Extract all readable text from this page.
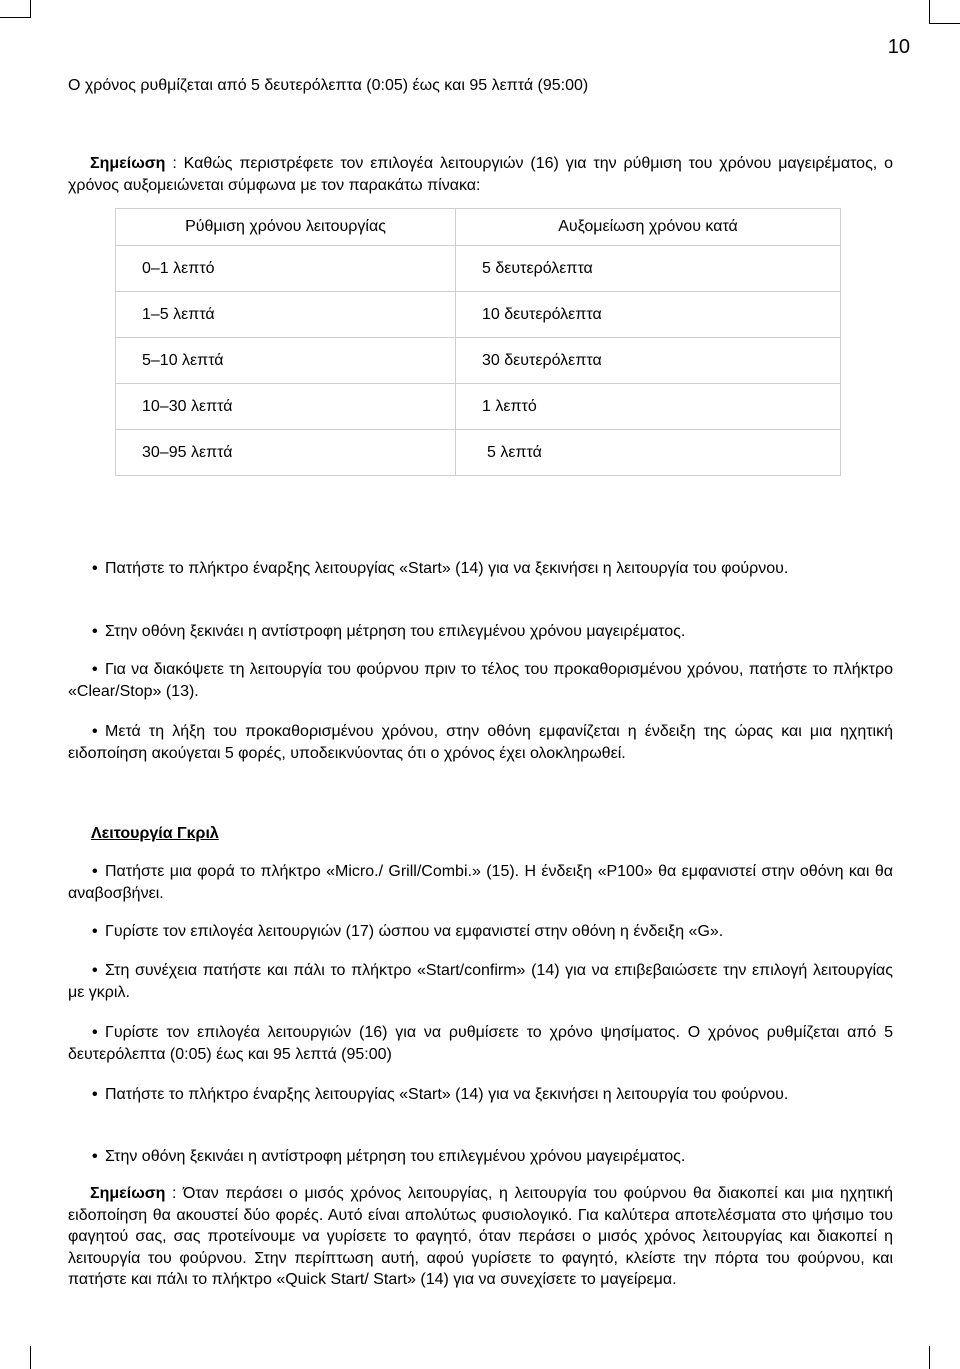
10
Ο χρόνος ρυθμίζεται από 5 δευτερόλεπτα (0:05) έως και 95 λεπτά (95:00)
Σημείωση : Καθώς περιστρέφετε τον επιλογέα λειτουργιών (16) για την ρύθμιση του χρόνου μαγειρέματος, ο χρόνος αυξομειώνεται σύμφωνα με τον παρακάτω πίνακα:
Ρύθμιση χρόνου λειτουργίας	Αυξομείωση χρόνου κατά
0–1 λεπτό	5 δευτερόλεπτα
1–5 λεπτά	10 δευτερόλεπτα
5–10 λεπτά	30 δευτερόλεπτα
10–30 λεπτά	1 λεπτό
30–95 λεπτά	5 λεπτά
• Πατήστε το πλήκτρο έναρξης λειτουργίας «Start» (14) για να ξεκινήσει η λειτουργία του φούρνου.
• Στην οθόνη ξεκινάει η αντίστροφη μέτρηση του επιλεγμένου χρόνου μαγειρέματος.
• Για να διακόψετε τη λειτουργία του φούρνου πριν το τέλος του προκαθορισμένου χρόνου, πατήστε το πλήκτρο «Clear/Stop» (13).
• Μετά τη λήξη του προκαθορισμένου χρόνου, στην οθόνη εμφανίζεται η ένδειξη της ώρας και μια ηχητική ειδοποίηση ακούγεται 5 φορές, υποδεικνύοντας ότι ο χρόνος έχει ολοκληρωθεί.
Λειτουργία Γκριλ
• Πατήστε μια φορά το πλήκτρο «Micro./ Grill/Combi.» (15). Η ένδειξη «P100» θα εμφανιστεί στην οθόνη και θα αναβοσβήνει.
• Γυρίστε τον επιλογέα λειτουργιών (17) ώσπου να εμφανιστεί στην οθόνη η ένδειξη «G».
• Στη συνέχεια πατήστε και πάλι το πλήκτρο «Start/confirm» (14) για να επιβεβαιώσετε την επιλογή λειτουργίας με γκριλ.
• Γυρίστε τον επιλογέα λειτουργιών (16) για να ρυθμίσετε το χρόνο ψησίματος. Ο χρόνος ρυθμίζεται από 5 δευτερόλεπτα (0:05) έως και 95 λεπτά (95:00)
• Πατήστε το πλήκτρο έναρξης λειτουργίας «Start» (14) για να ξεκινήσει η λειτουργία του φούρνου.
• Στην οθόνη ξεκινάει η αντίστροφη μέτρηση του επιλεγμένου χρόνου μαγειρέματος.
Σημείωση : Όταν περάσει ο μισός χρόνος λειτουργίας, η λειτουργία του φούρνου θα διακοπεί και μια ηχητική ειδοποίηση θα ακουστεί δύο φορές. Αυτό είναι απολύτως φυσιολογικό. Για καλύτερα αποτελέσματα στο ψήσιμο του φαγητού σας, σας προτείνουμε να γυρίσετε το φαγητό, όταν περάσει ο μισός χρόνος λειτουργίας και διακοπεί η λειτουργία του φούρνου. Στην περίπτωση αυτή, αφού γυρίσετε το φαγητό, κλείστε την πόρτα του φούρνου, και πατήστε και πάλι το πλήκτρο «Quick Start/ Start» (14) για να συνεχίσετε το μαγείρεμα.
